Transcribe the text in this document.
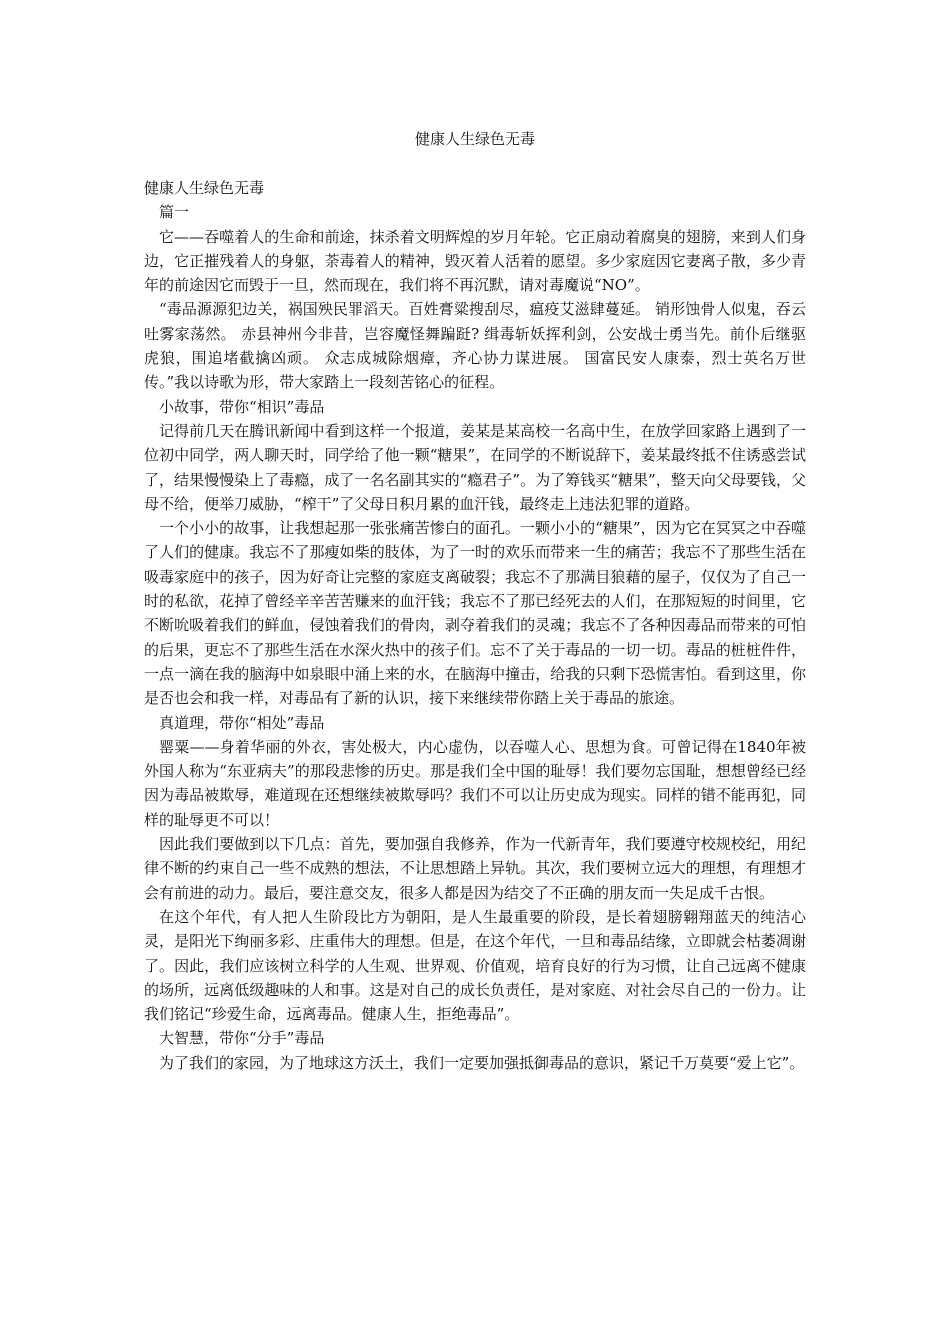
健康人生绿色无毒

健康人生绿色无毒

篇一

它——吞噬着人的生命和前途，抹杀着文明辉煌的岁月年轮。它正扇动着腐臭的翅膀，来到人们身边，它正摧残着人的身躯，荼毒着人的精神，毁灭着人活着的愿望。多少家庭因它妻离子散，多少青年的前途因它而毁于一旦，然而现在，我们将不再沉默，请对毒魔说“NO”。

“毒品源源犯边关，祸国殃民罪滔天。百姓膏粱搜刮尽，瘟疫艾滋肆蔓延。 销形蚀骨人似鬼，吞云吐雾家荡然。 赤县神州今非昔，岂容魔怪舞蹁跹? 缉毒斩妖挥利剑，公安战士勇当先。前仆后继驱虎狼，围追堵截擒凶顽。 众志成城除烟瘴，齐心协力谋进展。 国富民安人康泰，烈士英名万世传。”我以诗歌为形，带大家踏上一段刻苦铭心的征程。

小故事，带你“相识”毒品

记得前几天在腾讯新闻中看到这样一个报道，姜某是某高校一名高中生，在放学回家路上遇到了一位初中同学，两人聊天时，同学给了他一颗“糖果”，在同学的不断说辞下，姜某最终抵不住诱惑尝试了，结果慢慢染上了毒瘾，成了一名名副其实的“瘾君子”。为了筹钱买“糖果”，整天向父母要钱，父母不给，便举刀威胁，“榨干”了父母日积月累的血汗钱，最终走上违法犯罪的道路。

一个小小的故事，让我想起那一张张痛苦惨白的面孔。一颗小小的“糖果”，因为它在冥冥之中吞噬了人们的健康。我忘不了那瘦如柴的肢体，为了一时的欢乐而带来一生的痛苦；我忘不了那些生活在吸毒家庭中的孩子，因为好奇让完整的家庭支离破裂；我忘不了那满目狼藉的屋子，仅仅为了自己一时的私欲，花掉了曾经辛辛苦苦赚来的血汗钱；我忘不了那已经死去的人们，在那短短的时间里，它不断吮吸着我们的鲜血，侵蚀着我们的骨肉，剥夺着我们的灵魂；我忘不了各种因毒品而带来的可怕的后果，更忘不了那些生活在水深火热中的孩子们。忘不了关于毒品的一切一切。毒品的桩桩件件，一点一滴在我的脑海中如泉眼中涌上来的水，在脑海中撞击，给我的只剩下恐慌害怕。看到这里，你是否也会和我一样，对毒品有了新的认识，接下来继续带你踏上关于毒品的旅途。

真道理，带你“相处”毒品

罂粟——身着华丽的外衣，害处极大，内心虚伪，以吞噬人心、思想为食。可曾记得在1840年被外国人称为“东亚病夫”的那段悲惨的历史。那是我们全中国的耻辱！我们要勿忘国耻，想想曾经已经因为毒品被欺辱，难道现在还想继续被欺辱吗？我们不可以让历史成为现实。同样的错不能再犯，同样的耻辱更不可以！

因此我们要做到以下几点：首先，要加强自我修养，作为一代新青年，我们要遵守校规校纪，用纪律不断的约束自己一些不成熟的想法，不让思想踏上异轨。其次，我们要树立远大的理想，有理想才会有前进的动力。最后，要注意交友，很多人都是因为结交了不正确的朋友而一失足成千古恨。

在这个年代，有人把人生阶段比方为朝阳，是人生最重要的阶段，是长着翅膀翱翔蓝天的纯洁心灵，是阳光下绚丽多彩、庄重伟大的理想。但是，在这个年代，一旦和毒品结缘，立即就会枯萎凋谢了。因此，我们应该树立科学的人生观、世界观、价值观，培育良好的行为习惯，让自己远离不健康的场所，远离低级趣味的人和事。这是对自己的成长负责任，是对家庭、对社会尽自己的一份力。让我们铭记“珍爱生命，远离毒品。健康人生，拒绝毒品”。

大智慧，带你“分手”毒品

为了我们的家园，为了地球这方沃土，我们一定要加强抵御毒品的意识，紧记千万莫要“爱上它”。
